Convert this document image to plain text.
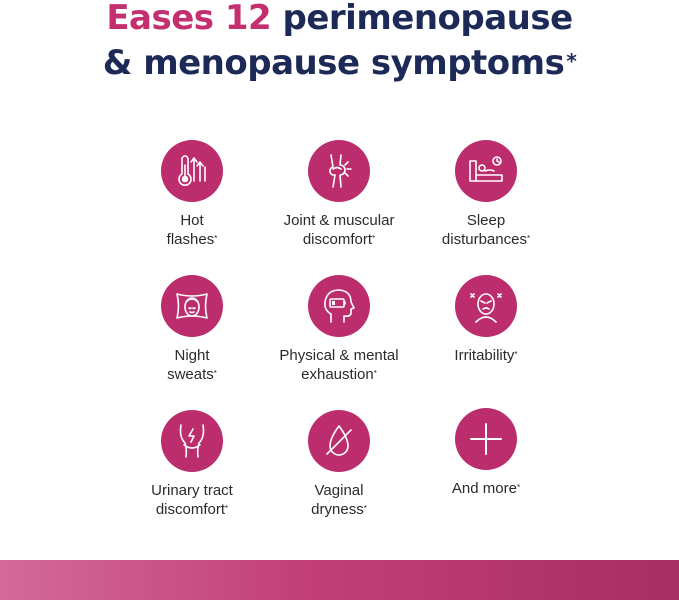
Eases 12 perimenopause
& menopause symptoms *
Hot
flashes*
Joint & muscular
discomfort*
Sleep
disturbances*
Night
sweats*
Physical & mental
exhaustion*
Irritability*
Urinary tract
discomfort*
Vaginal
dryness*
And more*
